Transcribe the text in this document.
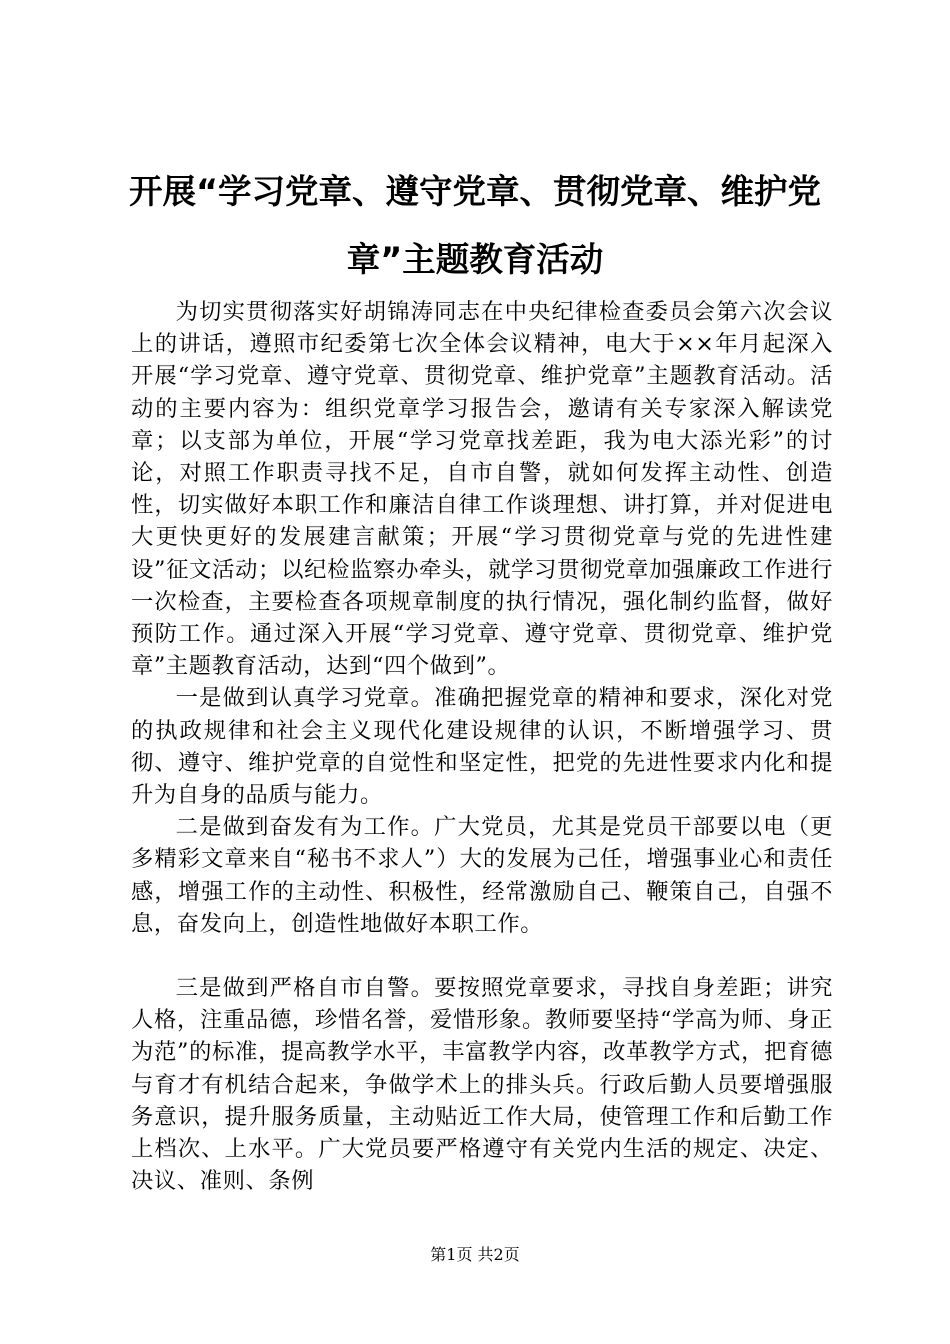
开展“学习党章、遵守党章、贯彻党章、维护党章”主题教育活动

为切实贯彻落实好胡锦涛同志在中央纪律检查委员会第六次会议上的讲话，遵照市纪委第七次全体会议精神，电大于××年月起深入开展“学习党章、遵守党章、贯彻党章、维护党章”主题教育活动。活动的主要内容为：组织党章学习报告会，邀请有关专家深入解读党章；以支部为单位，开展“学习党章找差距，我为电大添光彩”的讨论，对照工作职责寻找不足，自市自警，就如何发挥主动性、创造性，切实做好本职工作和廉洁自律工作谈理想、讲打算，并对促进电大更快更好的发展建言献策；开展“学习贯彻党章与党的先进性建设”征文活动；以纪检监察办牵头，就学习贯彻党章加强廉政工作进行一次检查，主要检查各项规章制度的执行情况，强化制约监督，做好预防工作。通过深入开展“学习党章、遵守党章、贯彻党章、维护党章”主题教育活动，达到“四个做到”。

一是做到认真学习党章。准确把握党章的精神和要求，深化对党的执政规律和社会主义现代化建设规律的认识，不断增强学习、贯彻、遵守、维护党章的自觉性和坚定性，把党的先进性要求内化和提升为自身的品质与能力。

二是做到奋发有为工作。广大党员，尤其是党员干部要以电（更多精彩文章来自“秘书不求人”）大的发展为己任，增强事业心和责任感，增强工作的主动性、积极性，经常激励自己、鞭策自己，自强不息，奋发向上，创造性地做好本职工作。

三是做到严格自市自警。要按照党章要求，寻找自身差距；讲究人格，注重品德，珍惜名誉，爱惜形象。教师要坚持“学高为师、身正为范”的标准，提高教学水平，丰富教学内容，改革教学方式，把育德与育才有机结合起来，争做学术上的排头兵。行政后勤人员要增强服务意识，提升服务质量，主动贴近工作大局，使管理工作和后勤工作上档次、上水平。广大党员要严格遵守有关党内生活的规定、决定、决议、准则、条例

第1页 共2页
